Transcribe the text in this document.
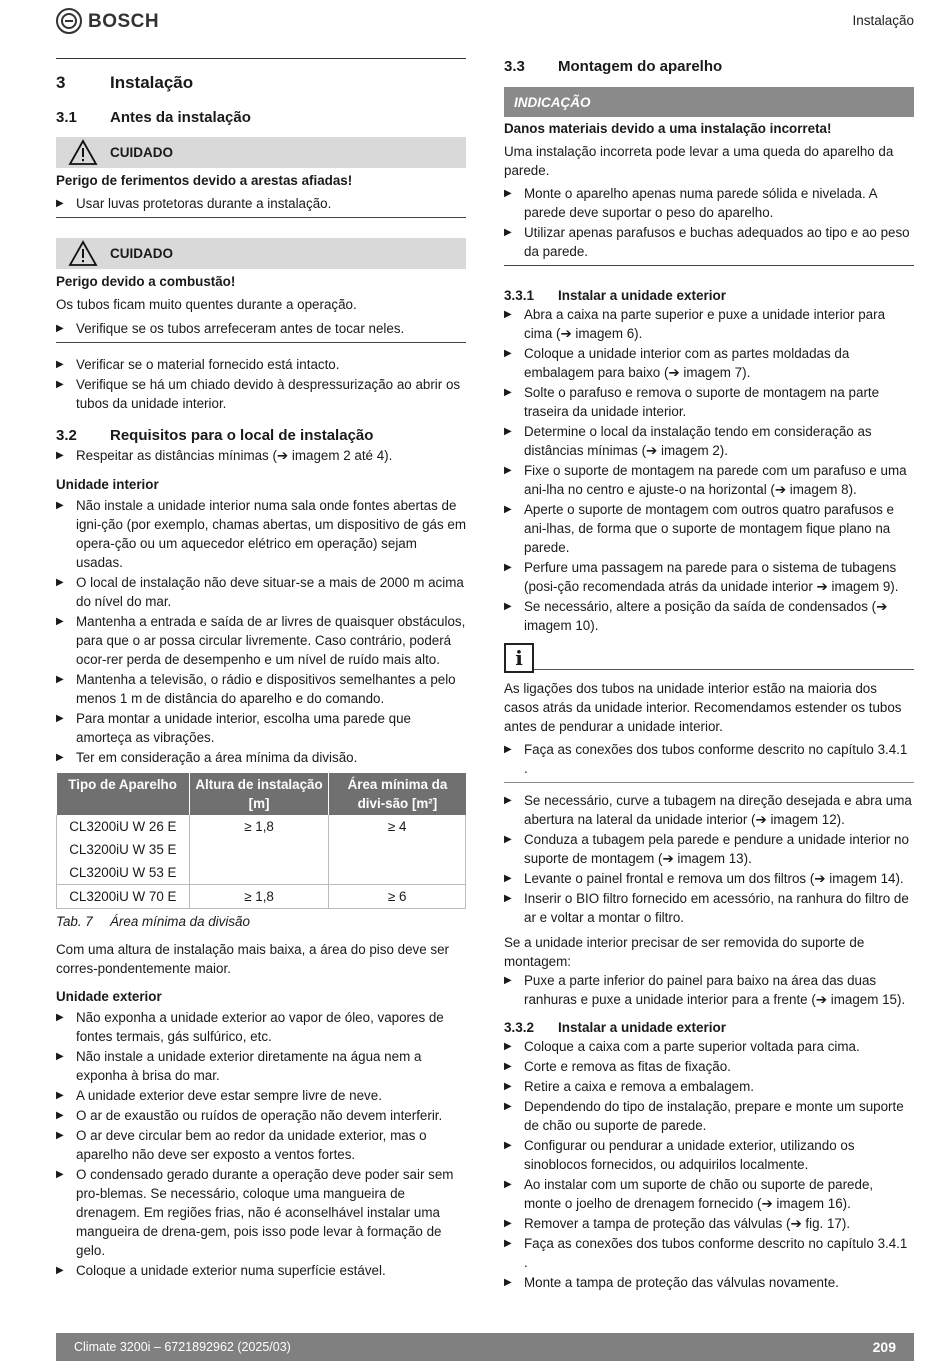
BOSCH	Instalação
3	Instalação
3.1	Antes da instalação
CUIDADO
Perigo de ferimentos devido a arestas afiadas!
▶ Usar luvas protetoras durante a instalação.
CUIDADO
Perigo devido a combustão!
Os tubos ficam muito quentes durante a operação.
▶ Verifique se os tubos arrefeceram antes de tocar neles.
▶ Verificar se o material fornecido está intacto.
▶ Verifique se há um chiado devido à despressurização ao abrir os tubos da unidade interior.
3.2	Requisitos para o local de instalação
▶ Respeitar as distâncias mínimas (➔ imagem 2 até 4).
Unidade interior
▶ Não instale a unidade interior numa sala onde fontes abertas de igni-ção (por exemplo, chamas abertas, um dispositivo de gás em opera-ção ou um aquecedor elétrico em operação) sejam usadas.
▶ O local de instalação não deve situar-se a mais de 2000 m acima do nível do mar.
▶ Mantenha a entrada e saída de ar livres de quaisquer obstáculos, para que o ar possa circular livremente. Caso contrário, poderá ocor-rer perda de desempenho e um nível de ruído mais alto.
▶ Mantenha a televisão, o rádio e dispositivos semelhantes a pelo menos 1 m de distância do aparelho e do comando.
▶ Para montar a unidade interior, escolha uma parede que amorteça as vibrações.
▶ Ter em consideração a área mínima da divisão.
Tipo de Aparelho	Altura de instalação [m]	Área mínima da divi-são [m²]
CL3200iU W 26 E	≥ 1,8	≥ 4
CL3200iU W 35 E		
CL3200iU W 53 E		
CL3200iU W 70 E	≥ 1,8	≥ 6
Tab. 7	Área mínima da divisão
Com uma altura de instalação mais baixa, a área do piso deve ser corres-pondentemente maior.
Unidade exterior
▶ Não exponha a unidade exterior ao vapor de óleo, vapores de fontes termais, gás sulfúrico, etc.
▶ Não instale a unidade exterior diretamente na água nem a exponha à brisa do mar.
▶ A unidade exterior deve estar sempre livre de neve.
▶ O ar de exaustão ou ruídos de operação não devem interferir.
▶ O ar deve circular bem ao redor da unidade exterior, mas o aparelho não deve ser exposto a ventos fortes.
▶ O condensado gerado durante a operação deve poder sair sem pro-blemas. Se necessário, coloque uma mangueira de drenagem. Em regiões frias, não é aconselhável instalar uma mangueira de drena-gem, pois isso pode levar à formação de gelo.
▶ Coloque a unidade exterior numa superfície estável.
3.3	Montagem do aparelho
INDICAÇÃO
Danos materiais devido a uma instalação incorreta!
Uma instalação incorreta pode levar a uma queda do aparelho da parede.
▶ Monte o aparelho apenas numa parede sólida e nivelada. A parede deve suportar o peso do aparelho.
▶ Utilizar apenas parafusos e buchas adequados ao tipo e ao peso da parede.
3.3.1	Instalar a unidade exterior
▶ Abra a caixa na parte superior e puxe a unidade interior para cima (➔ imagem 6).
▶ Coloque a unidade interior com as partes moldadas da embalagem para baixo (➔ imagem 7).
▶ Solte o parafuso e remova o suporte de montagem na parte traseira da unidade interior.
▶ Determine o local da instalação tendo em consideração as distâncias mínimas (➔ imagem 2).
▶ Fixe o suporte de montagem na parede com um parafuso e uma ani-lha no centro e ajuste-o na horizontal (➔ imagem 8).
▶ Aperte o suporte de montagem com outros quatro parafusos e ani-lhas, de forma que o suporte de montagem fique plano na parede.
▶ Perfure uma passagem na parede para o sistema de tubagens (posi-ção recomendada atrás da unidade interior ➔ imagem 9).
▶ Se necessário, altere a posição da saída de condensados (➔ imagem 10).
i
As ligações dos tubos na unidade interior estão na maioria dos casos atrás da unidade interior. Recomendamos estender os tubos antes de pendurar a unidade interior.
▶ Faça as conexões dos tubos conforme descrito no capítulo 3.4.1 .
▶ Se necessário, curve a tubagem na direção desejada e abra uma abertura na lateral da unidade interior (➔ imagem 12).
▶ Conduza a tubagem pela parede e pendure a unidade interior no suporte de montagem (➔ imagem 13).
▶ Levante o painel frontal e remova um dos filtros (➔ imagem 14).
▶ Inserir o BIO filtro fornecido em acessório, na ranhura do filtro de ar e voltar a montar o filtro.
Se a unidade interior precisar de ser removida do suporte de montagem:
▶ Puxe a parte inferior do painel para baixo na área das duas ranhuras e puxe a unidade interior para a frente (➔ imagem 15).
3.3.2	Instalar a unidade exterior
▶ Coloque a caixa com a parte superior voltada para cima.
▶ Corte e remova as fitas de fixação.
▶ Retire a caixa e remova a embalagem.
▶ Dependendo do tipo de instalação, prepare e monte um suporte de chão ou suporte de parede.
▶ Configurar ou pendurar a unidade exterior, utilizando os sinoblocos fornecidos, ou adquirilos localmente.
▶ Ao instalar com um suporte de chão ou suporte de parede, monte o joelho de drenagem fornecido (➔ imagem 16).
▶ Remover a tampa de proteção das válvulas (➔ fig. 17).
▶ Faça as conexões dos tubos conforme descrito no capítulo 3.4.1 .
▶ Monte a tampa de proteção das válvulas novamente.
Climate 3200i – 6721892962 (2025/03)	209
